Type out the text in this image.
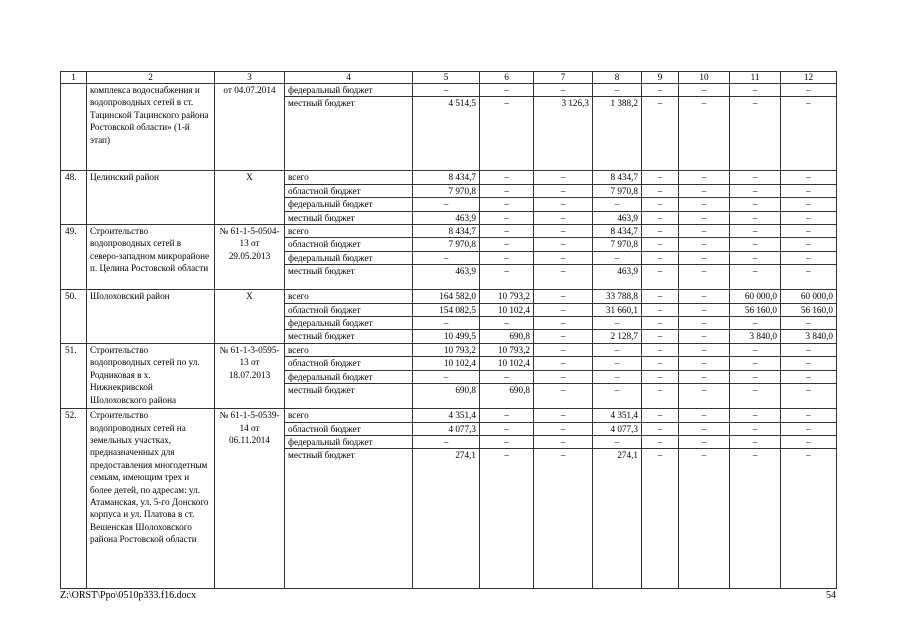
1	2	3	4	5	6	7	8	9	10	11	12
	комплекса водоснабжения и водопроводных сетей в ст. Тацинской Тацинского района Ростовской области» (1-й этап)	от 04.07.2014	федеральный бюджет	–	–	–	–	–	–	–	–
			местный бюджет	4 514,5	–	3 126,3	1 388,2	–	–	–	–
48.	Целинский район	Х	всего	8 434,7	–	–	8 434,7	–	–	–	–
			областной бюджет	7 970,8	–	–	7 970,8	–	–	–	–
			федеральный бюджет	–	–	–	–	–	–	–	–
			местный бюджет	463,9	–	–	463,9	–	–	–	–
49.	Строительство водопроводных сетей в северо-западном микрорайоне п. Целина Ростовской области	№ 61-1-5-0504-13 от 29.05.2013	всего	8 434,7	–	–	8 434,7	–	–	–	–
			областной бюджет	7 970,8	–	–	7 970,8	–	–	–	–
			федеральный бюджет	–	–	–	–	–	–	–	–
			местный бюджет	463,9	–	–	463,9	–	–	–	–
50.	Шолоховский район	Х	всего	164 582,0	10 793,2	–	33 788,8	–	–	60 000,0	60 000,0
			областной бюджет	154 082,5	10 102,4	–	31 660,1	–	–	56 160,0	56 160,0
			федеральный бюджет	–	–	–	–	–	–	–	–
			местный бюджет	10 499,5	690,8	–	2 128,7	–	–	3 840,0	3 840,0
51.	Строительство водопроводных сетей по ул. Родниковая в х. Нижнекривской Шолоховского района	№ 61-1-3-0595-13 от 18.07.2013	всего	10 793,2	10 793,2	–	–	–	–	–	–
			областной бюджет	10 102,4	10 102,4	–	–	–	–	–	–
			федеральный бюджет	–	–	–	–	–	–	–	–
			местный бюджет	690,8	690,8	–	–	–	–	–	–
52.	Строительство водопроводных сетей на земельных участках, предназначенных для предоставления многодетным семьям, имеющим трех и более детей, по адресам: ул. Атаманская, ул. 5-го Донского корпуса и ул. Платова в ст. Вешенская Шолоховского района Ростовской области	№ 61-1-5-0539-14 от 06.11.2014	всего	4 351,4	–	–	4 351,4	–	–	–	–
			областной бюджет	4 077,3	–	–	4 077,3	–	–	–	–
			федеральный бюджет	–	–	–	–	–	–	–	–
			местный бюджет	274,1	–	–	274,1	–	–	–	–
Z:\ORST\Ppo\0510p333.f16.docx	54
